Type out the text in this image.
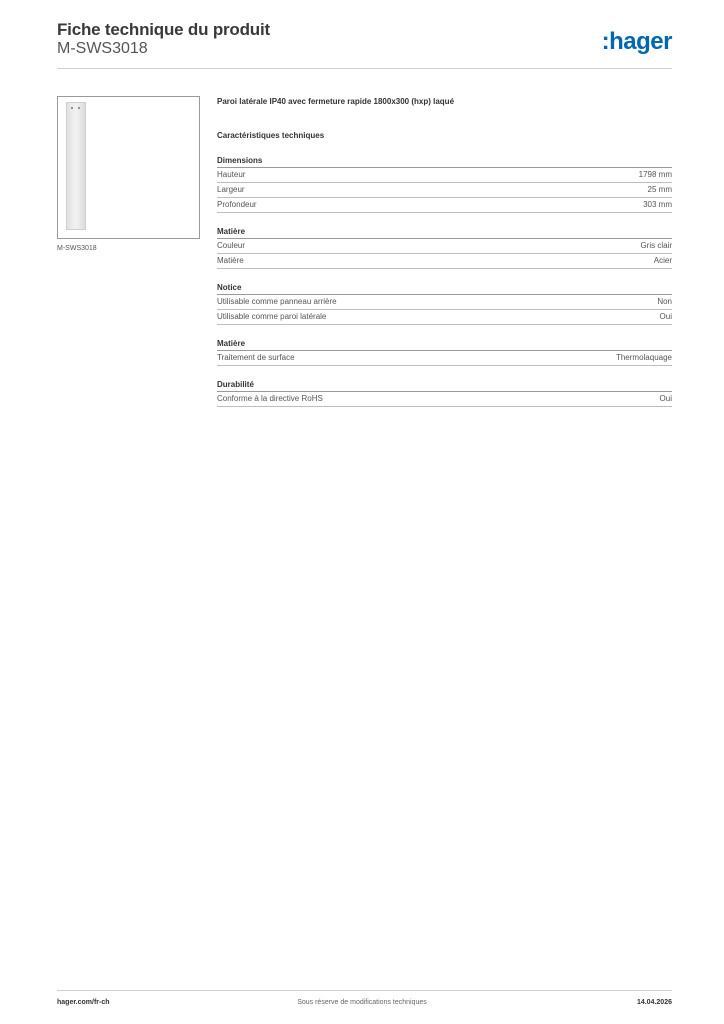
Fiche technique du produit
M-SWS3018	:hager
M-SWS3018
Paroi latérale IP40 avec fermeture rapide 1800x300 (hxp) laqué
Caractéristiques techniques
Dimensions
Hauteur	1798 mm
Largeur	25 mm
Profondeur	303 mm
Matière
Couleur	Gris clair
Matière	Acier
Notice
Utilisable comme panneau arrière	Non
Utilisable comme paroi latérale	Oui
Matière
Traitement de surface	Thermolaquage
Durabilité
Conforme à la directive RoHS	Oui
hager.com/fr-ch	Sous réserve de modifications techniques	14.04.2026
